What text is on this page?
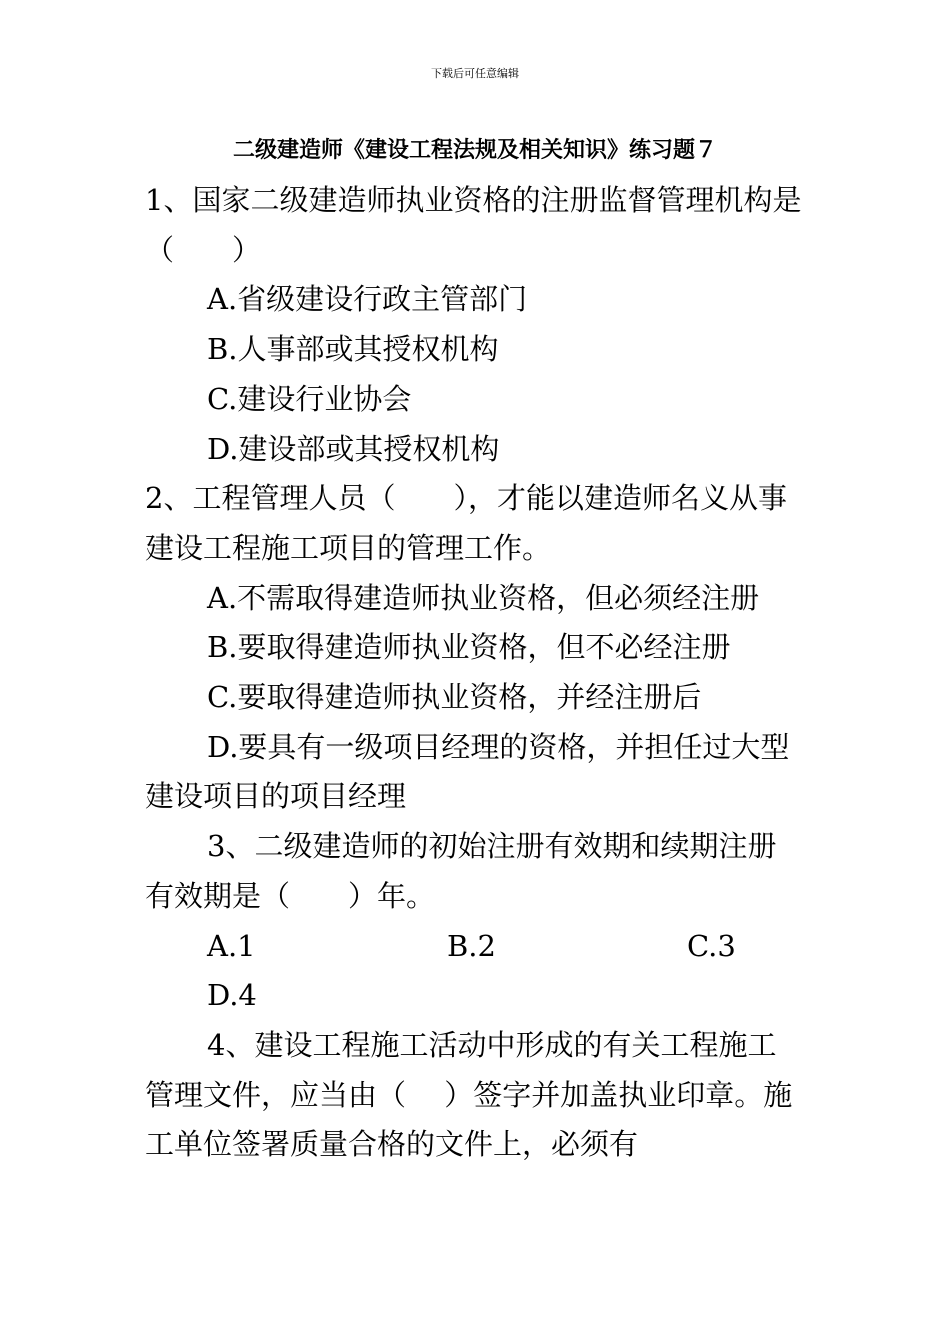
下载后可任意编辑
二级建造师《建设工程法规及相关知识》练习题７

1、国家二级建造师执业资格的注册监督管理机构是（　　）

A.省级建设行政主管部门

B.人事部或其授权机构

C.建设行业协会

D.建设部或其授权机构

2、工程管理人员（　　），才能以建造师名义从事建设工程施工项目的管理工作。

A.不需取得建造师执业资格，但必须经注册

B.要取得建造师执业资格，但不必经注册

C.要取得建造师执业资格，并经注册后

D.要具有一级项目经理的资格，并担任过大型建设项目的项目经理

3、二级建造师的初始注册有效期和续期注册有效期是（　　）年。

A.1	B.2	C.3

D.4

4、建设工程施工活动中形成的有关工程施工管理文件，应当由（　 ）签字并加盖执业印章。施工单位签署质量合格的文件上，必须有
